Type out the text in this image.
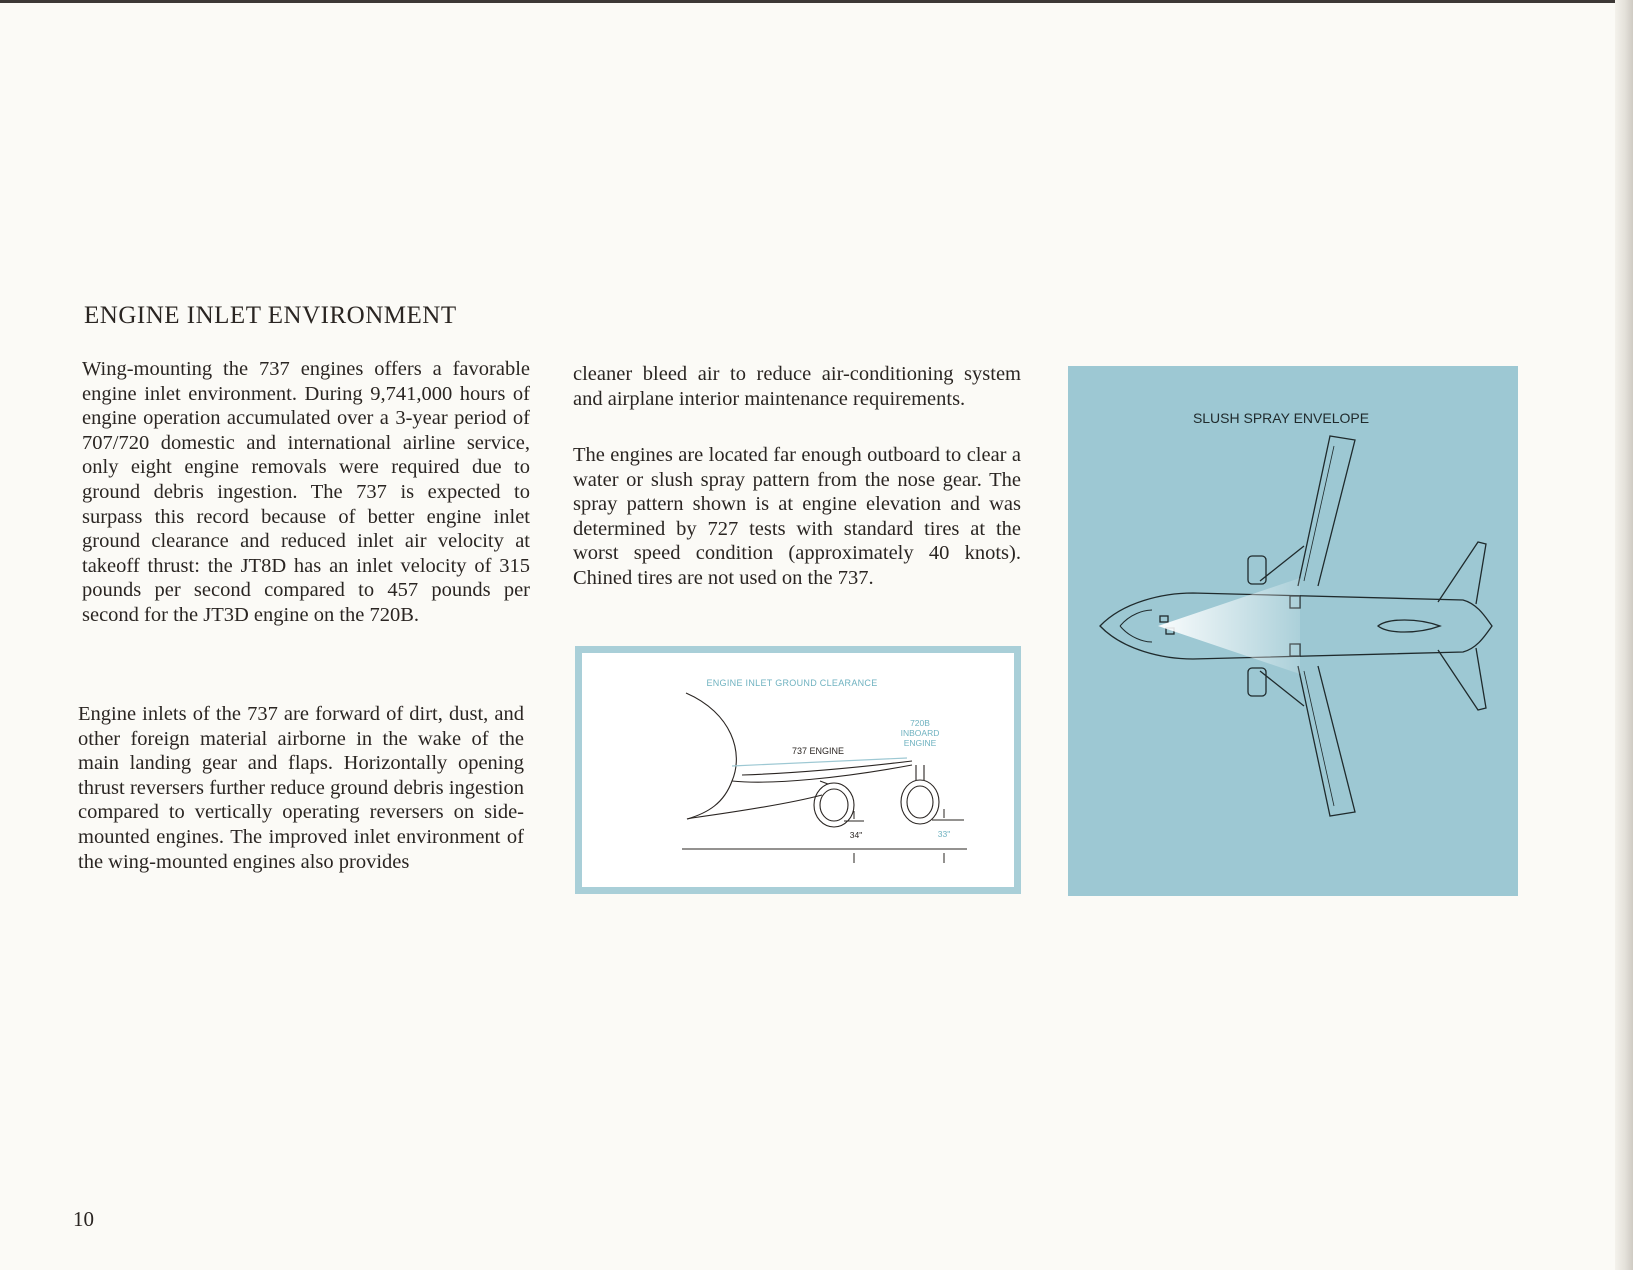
ENGINE INLET ENVIRONMENT

Wing-mounting the 737 engines offers a favorable engine inlet environment. During 9,741,000 hours of engine operation accumulated over a 3-year period of 707/720 domestic and international airline service, only eight engine removals were required due to ground debris ingestion. The 737 is expected to surpass this record because of better engine inlet ground clearance and reduced inlet air velocity at takeoff thrust: the JT8D has an inlet velocity of 315 pounds per second compared to 457 pounds per second for the JT3D engine on the 720B.

Engine inlets of the 737 are forward of dirt, dust, and other foreign material airborne in the wake of the main landing gear and flaps. Horizontally opening thrust reversers further reduce ground debris ingestion compared to vertically operating reversers on side-mounted engines. The improved inlet environment of the wing-mounted engines also provides

cleaner bleed air to reduce air-conditioning system and airplane interior maintenance requirements.

The engines are located far enough outboard to clear a water or slush spray pattern from the nose gear. The spray pattern shown is at engine elevation and was determined by 727 tests with standard tires at the worst speed condition (approximately 40 knots). Chined tires are not used on the 737.

ENGINE INLET GROUND CLEARANCE
737 ENGINE
720B
INBOARD
ENGINE
34"	33"
SLUSH SPRAY ENVELOPE

10
